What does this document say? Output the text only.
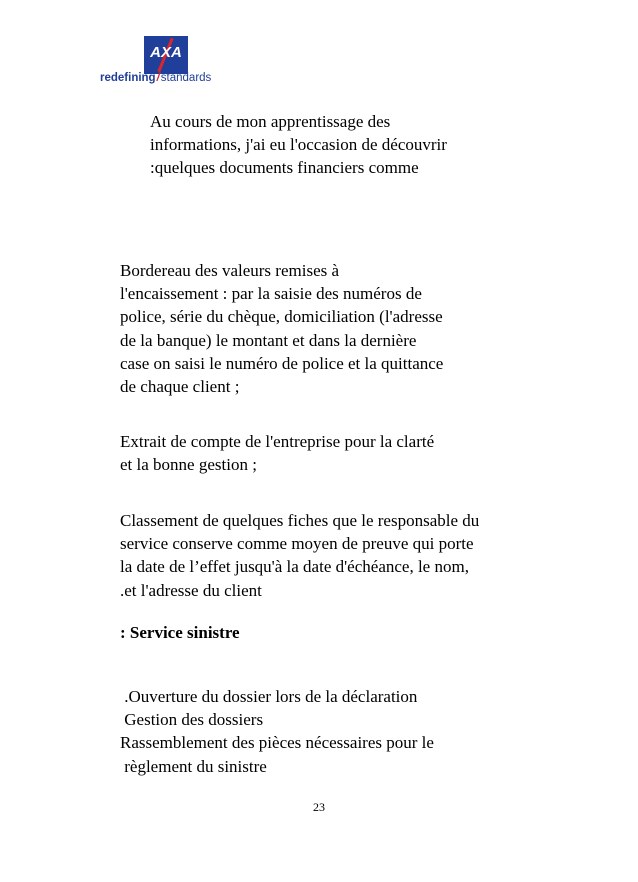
AXA
redefining/standards
Au cours de mon apprentissage des
informations, j'ai eu l'occasion de découvrir
:quelques documents financiers comme
Bordereau des valeurs remises à
l'encaissement : par la saisie des numéros de
police, série du chèque, domiciliation (l'adresse
de la banque) le montant et dans la dernière
case on saisi le numéro de police et la quittance
de chaque client ;
Extrait de compte de l'entreprise pour la clarté
et la bonne gestion ;
Classement de quelques fiches que le responsable du
service conserve comme moyen de preuve qui porte
la date de l’effet jusqu'à la date d'échéance, le nom,
.et l'adresse du client
: Service sinistre
.Ouverture du dossier lors de la déclaration
Gestion des dossiers
Rassemblement des pièces nécessaires pour le
règlement du sinistre
23
